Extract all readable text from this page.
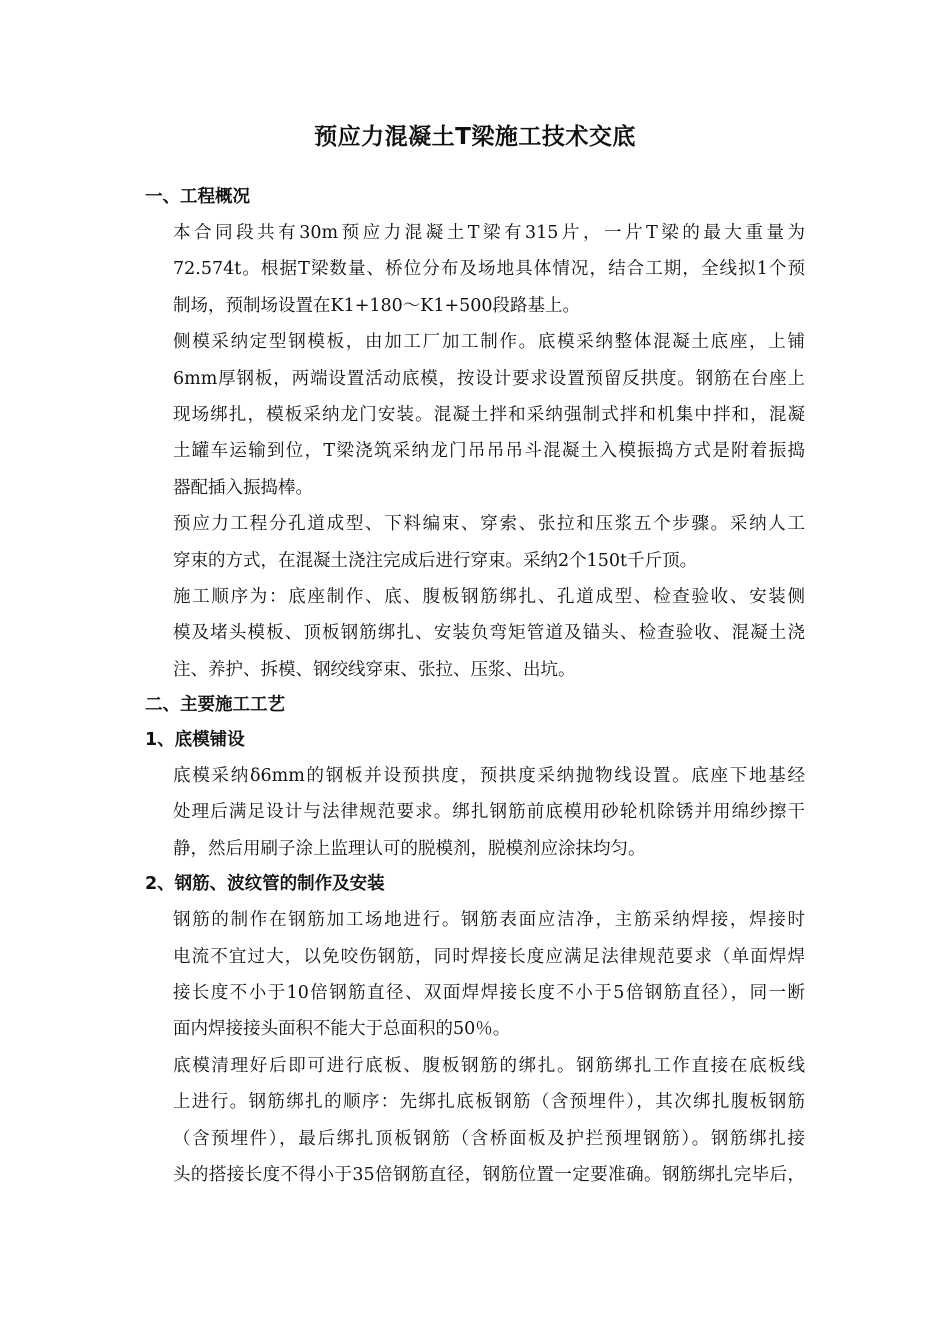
预应力混凝土T梁施工技术交底
一、工程概况
本合同段共有30m预应力混凝土T梁有315片，一片T梁的最大重量为
72.574t。根据T梁数量、桥位分布及场地具体情况，结合工期，全线拟1个预
制场，预制场设置在K1+180～K1+500段路基上。
侧模采纳定型钢模板，由加工厂加工制作。底模采纳整体混凝土底座，上铺
6mm厚钢板，两端设置活动底模，按设计要求设置预留反拱度。钢筋在台座上
现场绑扎，模板采纳龙门安装。混凝土拌和采纳强制式拌和机集中拌和，混凝
土罐车运输到位，T梁浇筑采纳龙门吊吊吊斗混凝土入模振捣方式是附着振捣
器配插入振捣棒。
预应力工程分孔道成型、下料编束、穿索、张拉和压浆五个步骤。采纳人工
穿束的方式，在混凝土浇注完成后进行穿束。采纳2个150t千斤顶。
施工顺序为：底座制作、底、腹板钢筋绑扎、孔道成型、检查验收、安装侧
模及堵头模板、顶板钢筋绑扎、安装负弯矩管道及锚头、检查验收、混凝土浇
注、养护、拆模、钢绞线穿束、张拉、压浆、出坑。
二、主要施工工艺
1、底模铺设
底模采纳δ6mm的钢板并设预拱度，预拱度采纳抛物线设置。底座下地基经
处理后满足设计与法律规范要求。绑扎钢筋前底模用砂轮机除锈并用绵纱擦干
静，然后用刷子涂上监理认可的脱模剂，脱模剂应涂抹均匀。
2、钢筋、波纹管的制作及安装
钢筋的制作在钢筋加工场地进行。钢筋表面应洁净，主筋采纳焊接，焊接时
电流不宜过大，以免咬伤钢筋，同时焊接长度应满足法律规范要求（单面焊焊
接长度不小于10倍钢筋直径、双面焊焊接长度不小于5倍钢筋直径），同一断
面内焊接接头面积不能大于总面积的50％。
底模清理好后即可进行底板、腹板钢筋的绑扎。钢筋绑扎工作直接在底板线
上进行。钢筋绑扎的顺序：先绑扎底板钢筋（含预埋件），其次绑扎腹板钢筋
（含预埋件），最后绑扎顶板钢筋（含桥面板及护拦预埋钢筋）。钢筋绑扎接
头的搭接长度不得小于35倍钢筋直径，钢筋位置一定要准确。钢筋绑扎完毕后，
